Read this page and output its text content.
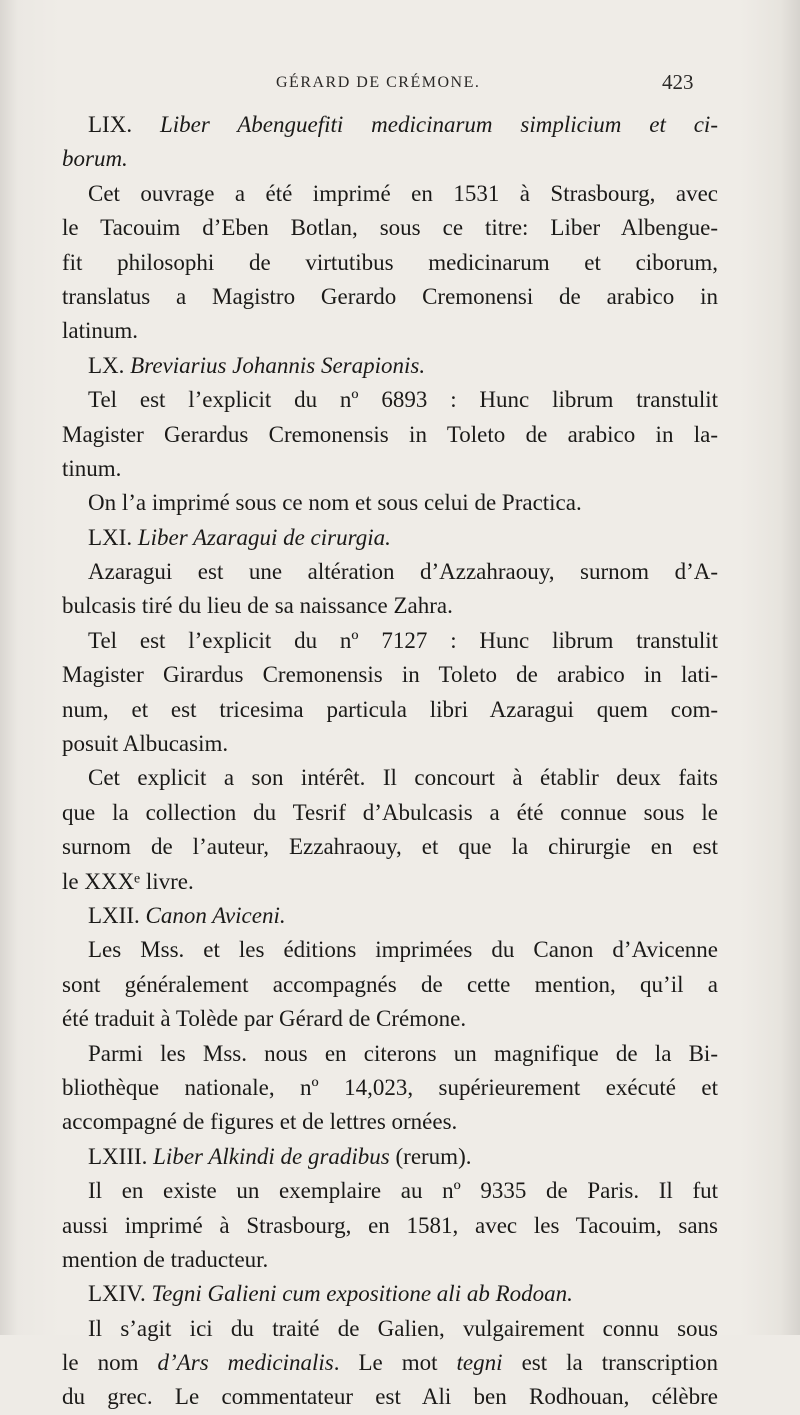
GÉRARD DE CRÉMONE.	423
LIX. Liber Abenguefiti medicinarum simplicium et ci-
borum.
Cet ouvrage a été imprimé en 1531 à Strasbourg, avec
le Tacouim d’Eben Botlan, sous ce titre: Liber Albengue-
fit philosophi de virtutibus medicinarum et ciborum,
translatus a Magistro Gerardo Cremonensi de arabico in
latinum.
LX. Breviarius Johannis Serapionis.
Tel est l’explicit du nº 6893 : Hunc librum transtulit
Magister Gerardus Cremonensis in Toleto de arabico in la-
tinum.
On l’a imprimé sous ce nom et sous celui de Practica.
LXI. Liber Azaragui de cirurgia.
Azaragui est une altération d’Azzahraouy, surnom d’A-
bulcasis tiré du lieu de sa naissance Zahra.
Tel est l’explicit du nº 7127 : Hunc librum transtulit
Magister Girardus Cremonensis in Toleto de arabico in lati-
num, et est tricesima particula libri Azaragui quem com-
posuit Albucasim.
Cet explicit a son intérêt. Il concourt à établir deux faits
que la collection du Tesrif d’Abulcasis a été connue sous le
surnom de l’auteur, Ezzahraouy, et que la chirurgie en est
le XXXᵉ livre.
LXII. Canon Aviceni.
Les Mss. et les éditions imprimées du Canon d’Avicenne
sont généralement accompagnés de cette mention, qu’il a
été traduit à Tolède par Gérard de Crémone.
Parmi les Mss. nous en citerons un magnifique de la Bi-
bliothèque nationale, nº 14,023, supérieurement exécuté et
accompagné de figures et de lettres ornées.
LXIII. Liber Alkindi de gradibus (rerum).
Il en existe un exemplaire au nº 9335 de Paris. Il fut
aussi imprimé à Strasbourg, en 1581, avec les Tacouim, sans
mention de traducteur.
LXIV. Tegni Galieni cum expositione ali ab Rodoan.
Il s’agit ici du traité de Galien, vulgairement connu sous
le nom d’Ars medicinalis. Le mot tegni est la transcription
du grec. Le commentateur est Ali ben Rodhouan, célèbre
